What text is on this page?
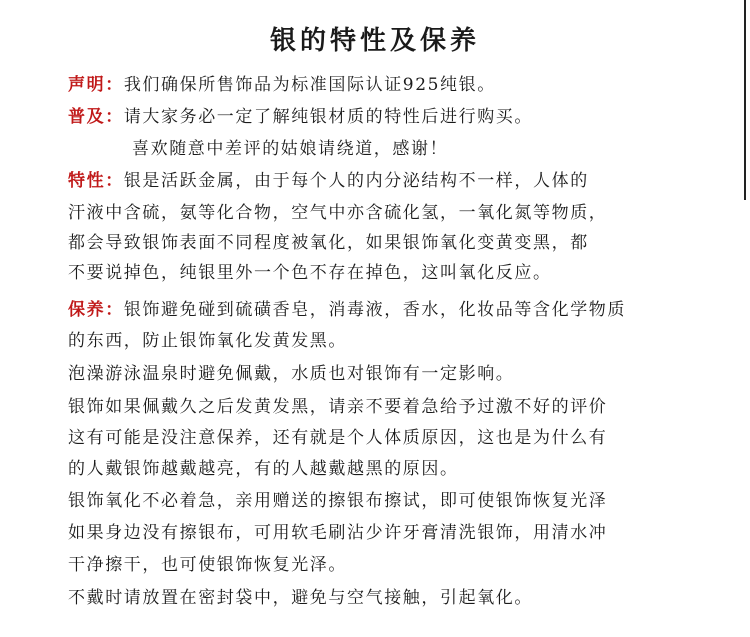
银的特性及保养
声明：我们确保所售饰品为标准国际认证925纯银。
普及：请大家务必一定了解纯银材质的特性后进行购买。
喜欢随意中差评的姑娘请绕道，感谢！
特性：银是活跃金属，由于每个人的内分泌结构不一样，人体的
汗液中含硫，氨等化合物，空气中亦含硫化氢，一氧化氮等物质，
都会导致银饰表面不同程度被氧化，如果银饰氧化变黄变黑，都
不要说掉色，纯银里外一个色不存在掉色，这叫氧化反应。
保养：银饰避免碰到硫磺香皂，消毒液，香水，化妆品等含化学物质
的东西，防止银饰氧化发黄发黑。
泡澡游泳温泉时避免佩戴，水质也对银饰有一定影响。
银饰如果佩戴久之后发黄发黑，请亲不要着急给予过激不好的评价
这有可能是没注意保养，还有就是个人体质原因，这也是为什么有
的人戴银饰越戴越亮，有的人越戴越黑的原因。
银饰氧化不必着急，亲用赠送的擦银布擦试，即可使银饰恢复光泽
如果身边没有擦银布，可用软毛刷沾少许牙膏清洗银饰，用清水冲
干净擦干，也可使银饰恢复光泽。
不戴时请放置在密封袋中，避免与空气接触，引起氧化。
